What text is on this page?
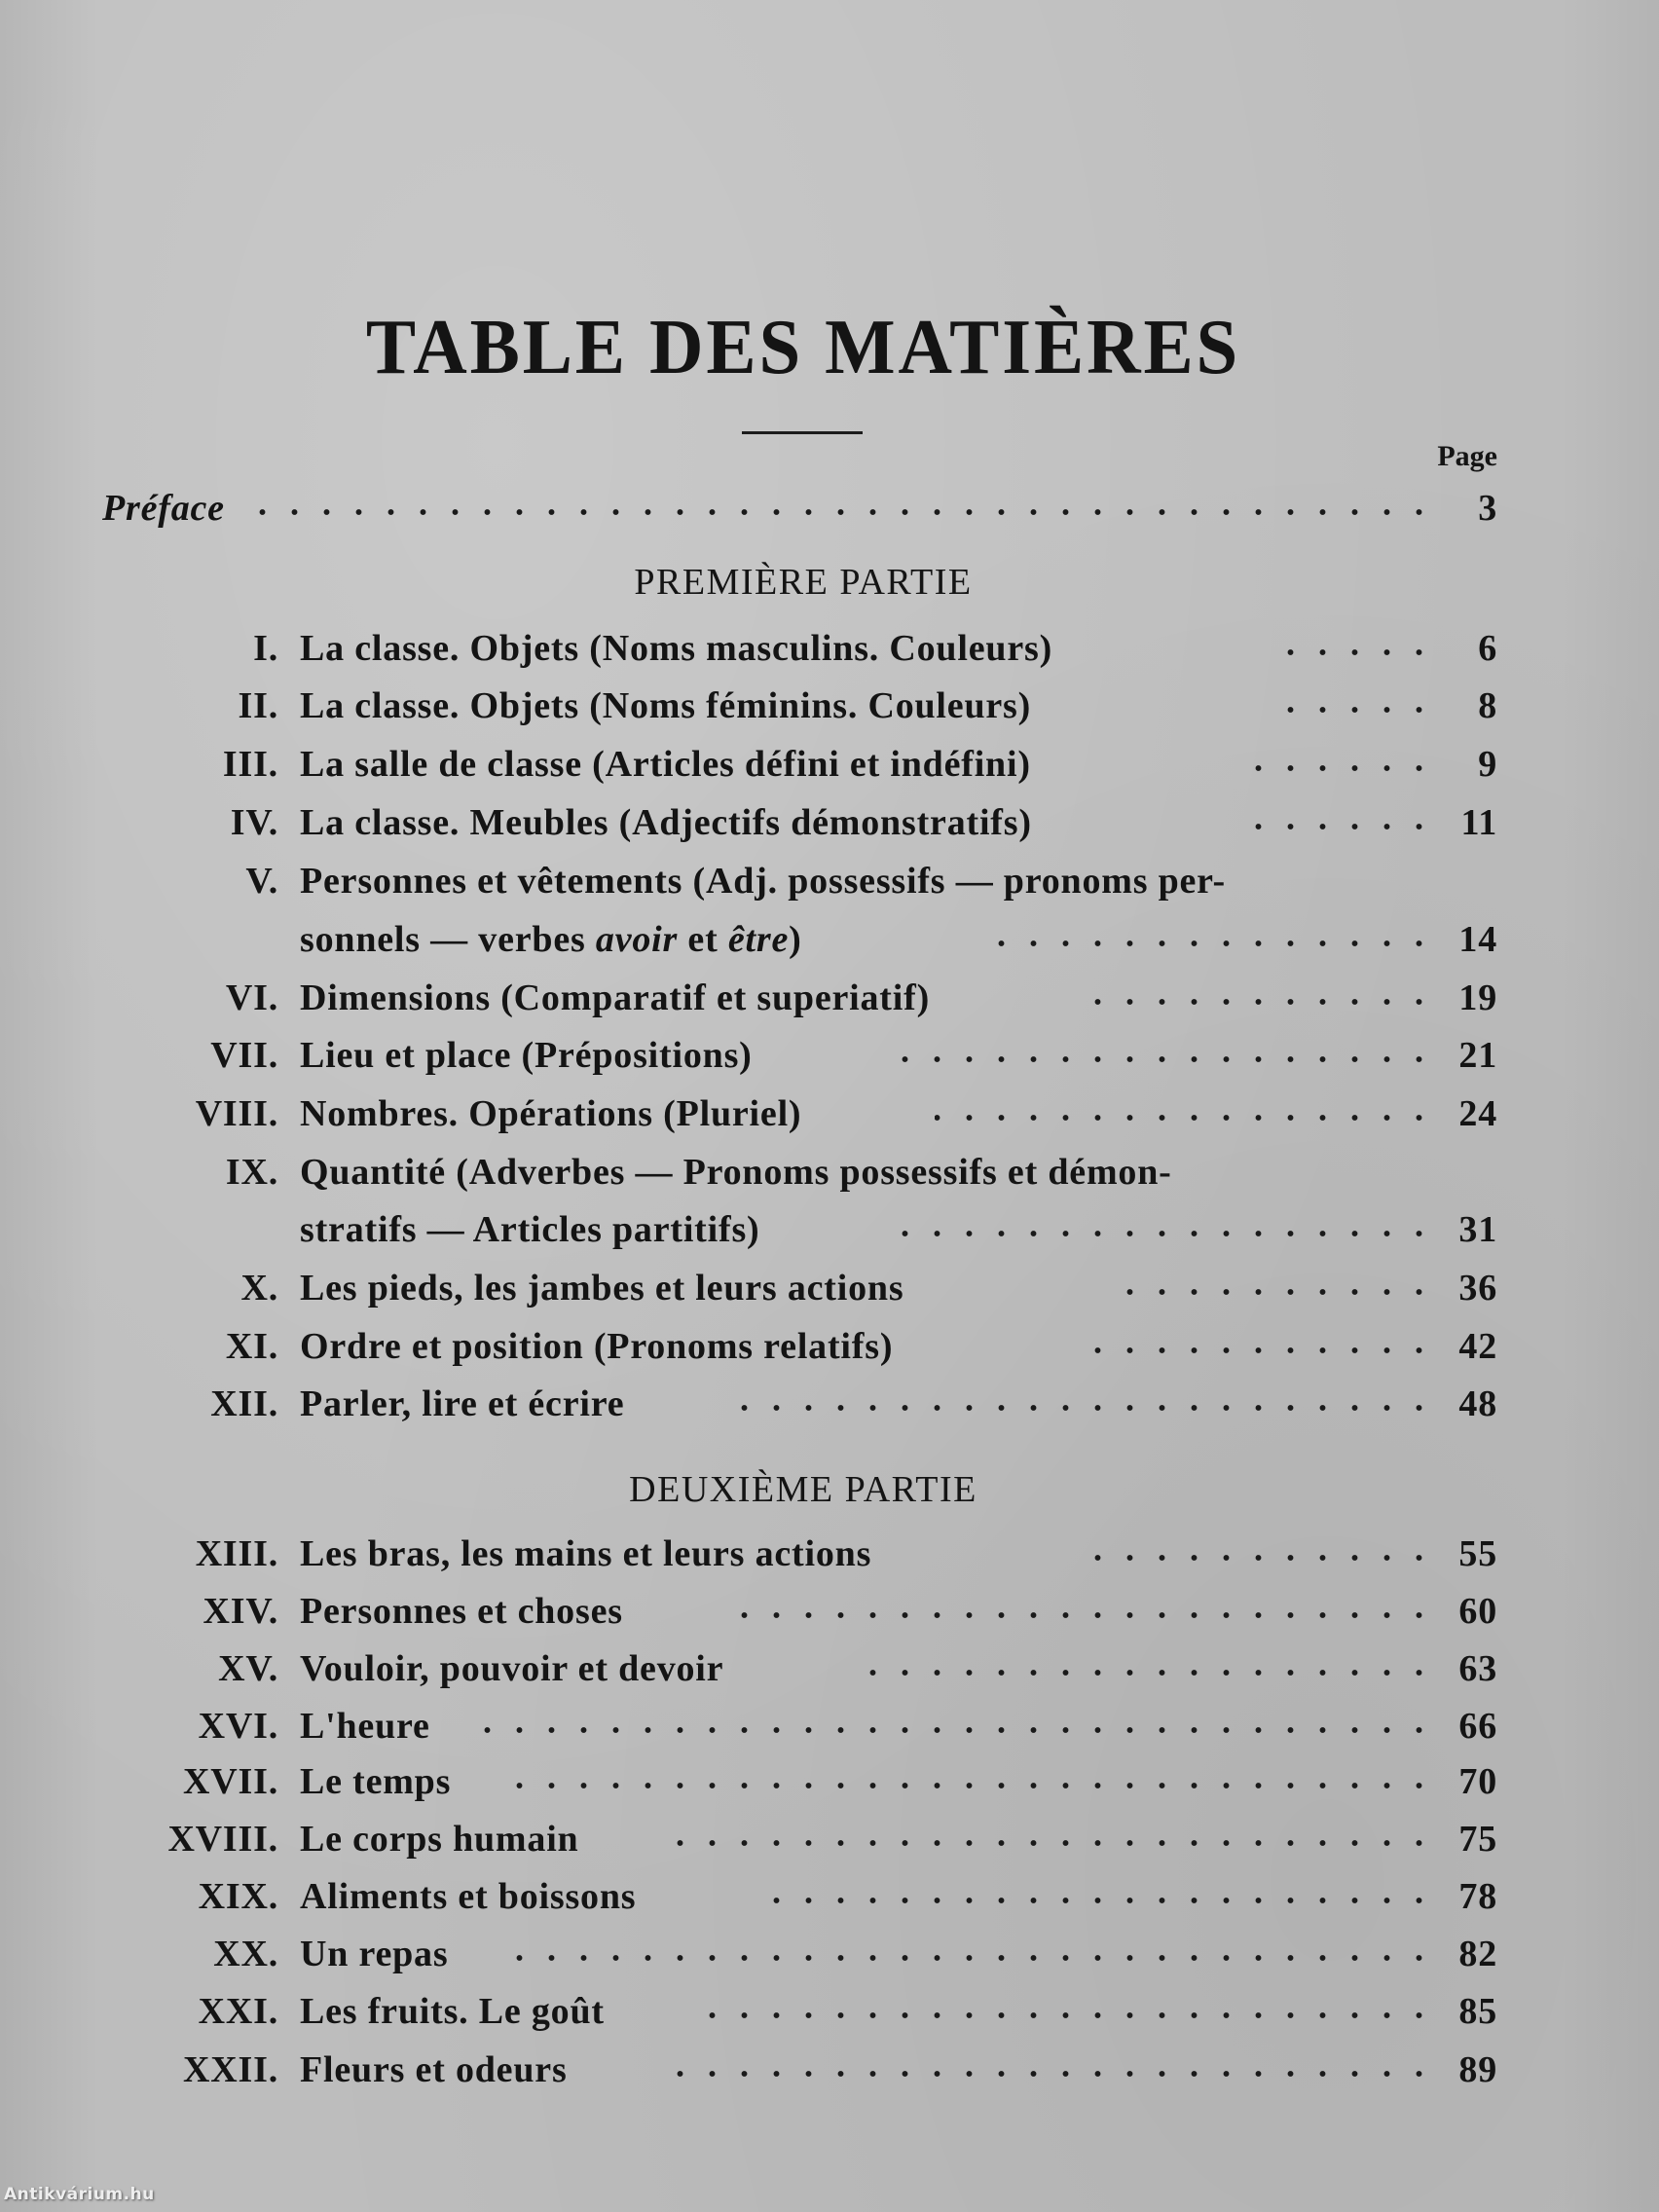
TABLE DES MATIÈRES
Page
Préface	3
PREMIÈRE PARTIE
I. La classe. Objets (Noms masculins. Couleurs)	6
II. La classe. Objets (Noms féminins. Couleurs)	8
III. La salle de classe (Articles défini et indéfini)	9
IV. La classe. Meubles (Adjectifs démonstratifs)	11
V. Personnes et vêtements (Adj. possessifs — pronoms per-
sonnels — verbes avoir et être)	14
VI. Dimensions (Comparatif et superiatif)	19
VII. Lieu et place (Prépositions)	21
VIII. Nombres. Opérations (Pluriel)	24
IX. Quantité (Adverbes — Pronoms possessifs et démon-
stratifs — Articles partitifs)	31
X. Les pieds, les jambes et leurs actions	36
XI. Ordre et position (Pronoms relatifs)	42
XII. Parler, lire et écrire	48
DEUXIÈME PARTIE
XIII. Les bras, les mains et leurs actions	55
XIV. Personnes et choses	60
XV. Vouloir, pouvoir et devoir	63
XVI. L'heure	66
XVII. Le temps	70
XVIII. Le corps humain	75
XIX. Aliments et boissons	78
XX. Un repas	82
XXI. Les fruits. Le goût	85
XXII. Fleurs et odeurs	89
Antikvárium.hu
